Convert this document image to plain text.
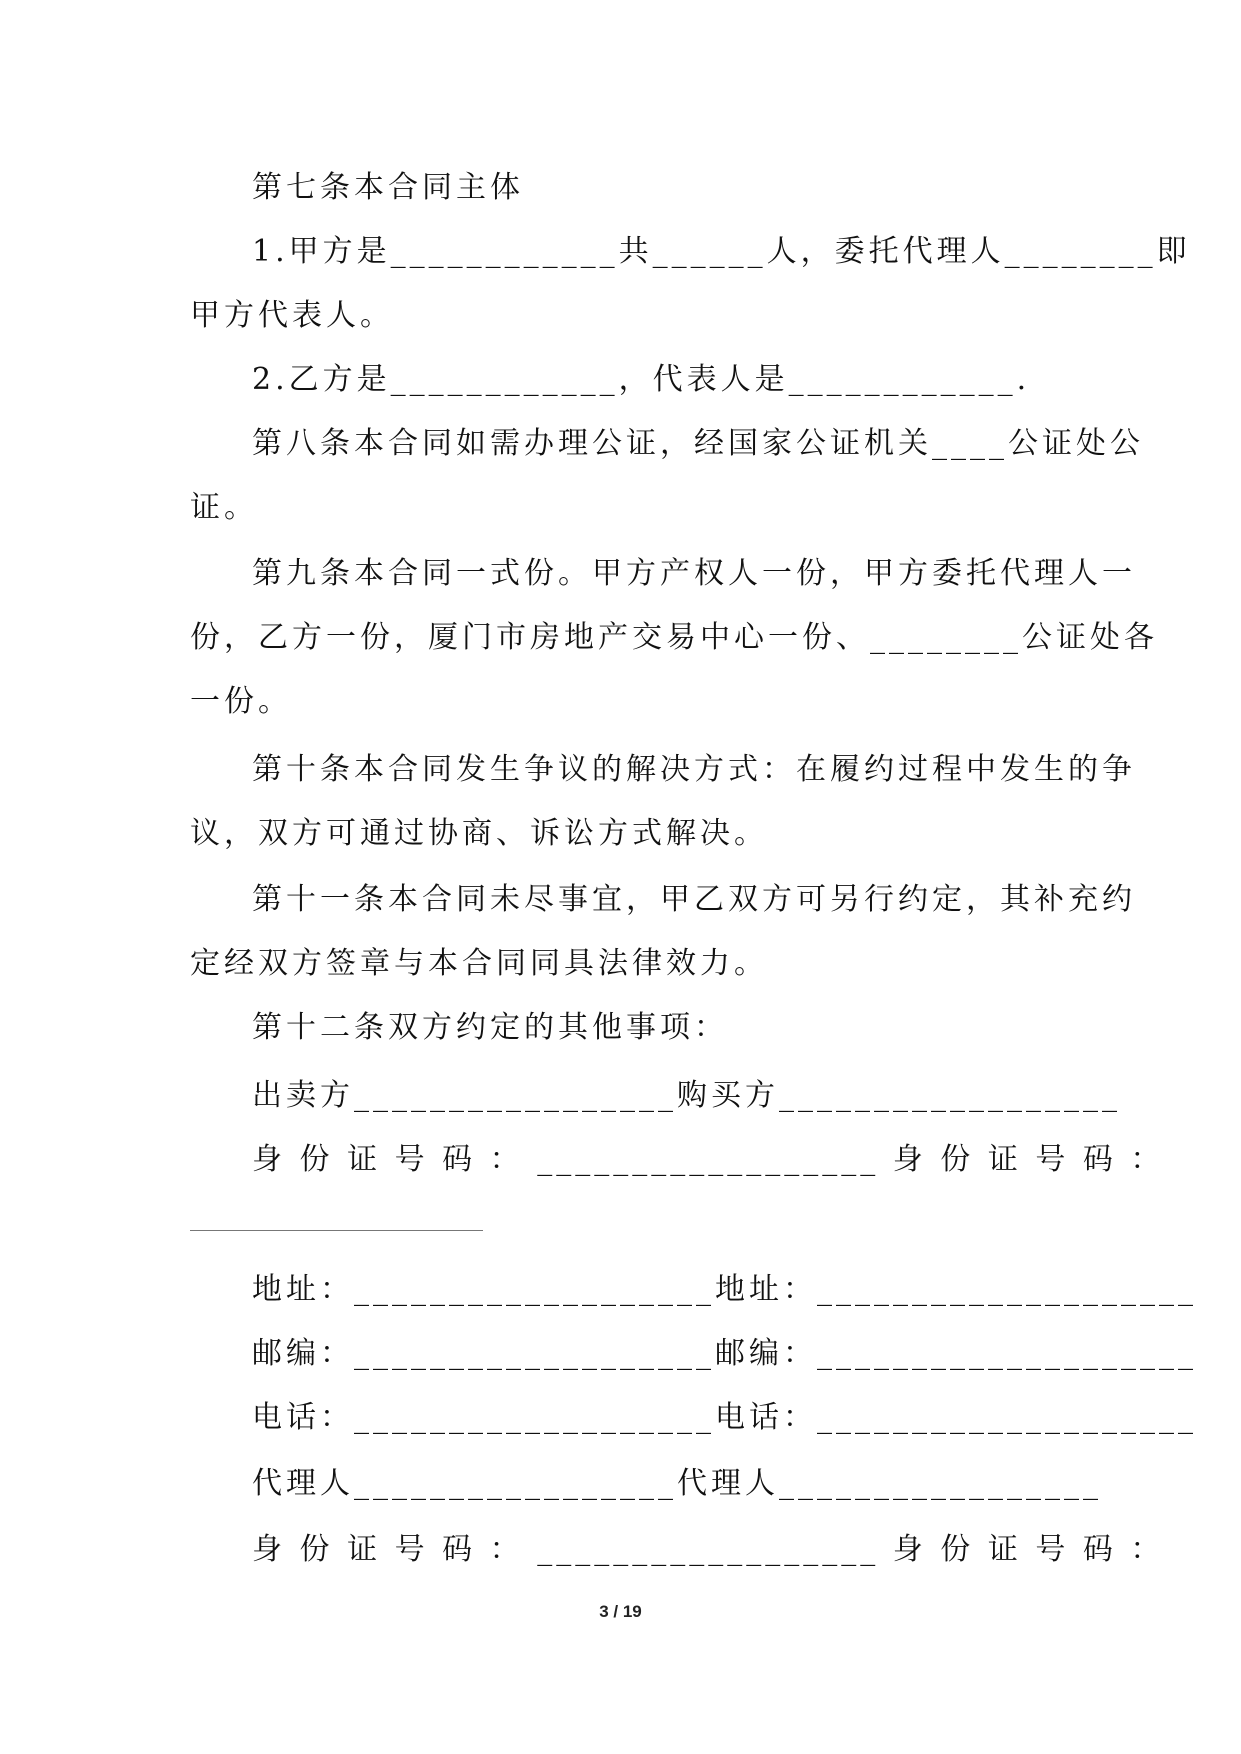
第七条本合同主体
1.甲方是____________共______人，委托代理人________即
甲方代表人。
2.乙方是____________，代表人是____________.
第八条本合同如需办理公证，经国家公证机关____公证处公
证。
第九条本合同一式份。甲方产权人一份，甲方委托代理人一
份，乙方一份，厦门市房地产交易中心一份、________公证处各
一份。
第十条本合同发生争议的解决方式：在履约过程中发生的争
议，双方可通过协商、诉讼方式解决。
第十一条本合同未尽事宜，甲乙双方可另行约定，其补充约
定经双方签章与本合同同具法律效力。
第十二条双方约定的其他事项：
出卖方_________________购买方__________________
身 份 证 号 码 ： __________________ 身 份 证 号 码 ：
地址：___________________地址：____________________
邮编：___________________邮编：____________________
电话：___________________电话：____________________
代理人_________________代理人_________________
身 份 证 号 码 ： __________________ 身 份 证 号 码 ：
3 / 19
